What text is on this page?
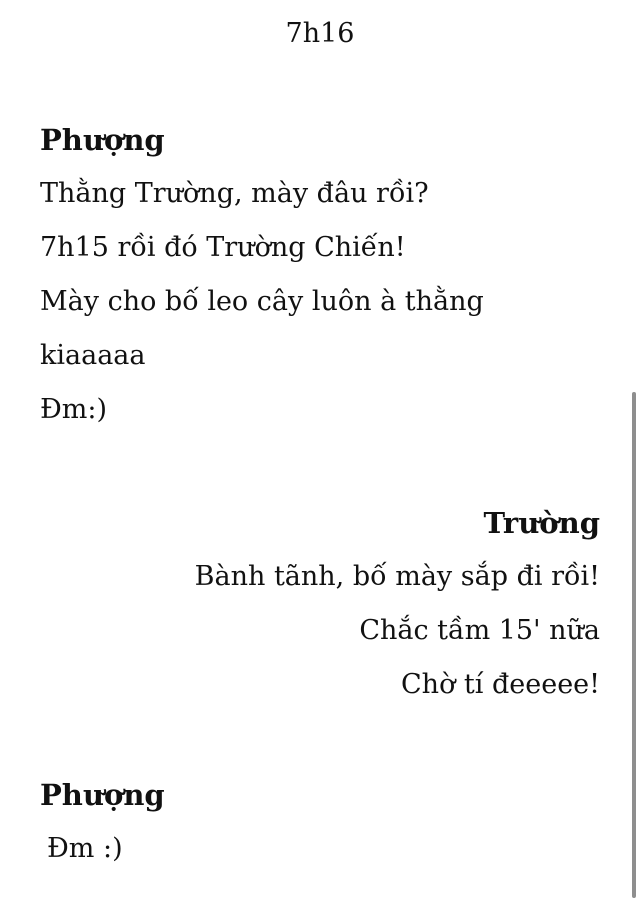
7h16
Phượng
Thằng Trường, mày đâu rồi?
7h15 rồi đó Trường Chiến!
Mày cho bố leo cây luôn à thằng
kiaaaaa
Đm:)
Trường
Bành tãnh, bố mày sắp đi rồi!
Chắc tầm 15' nữa
Chờ tí đeeeee!
Phượng
Đm :)
